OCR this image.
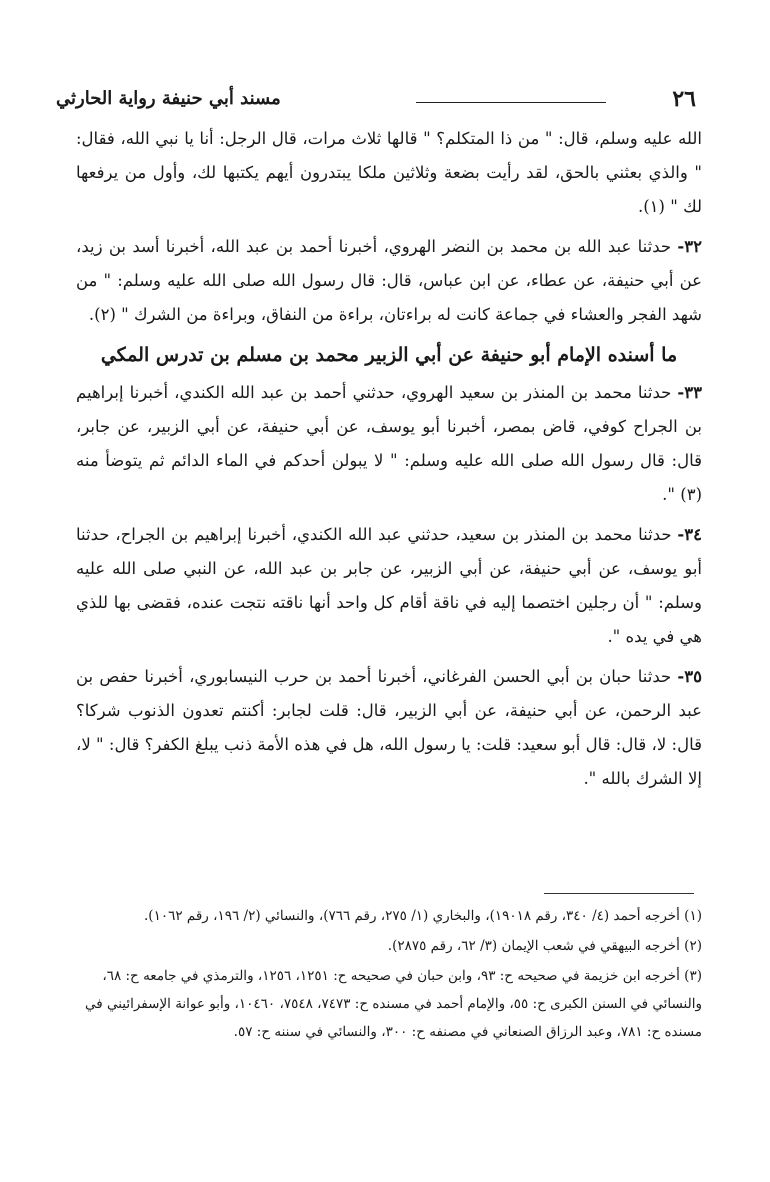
٢٦
مسند أبي حنيفة رواية الحارثي

الله عليه وسلم، قال: " من ذا المتكلم؟ " قالها ثلاث مرات، قال الرجل: أنا يا نبي الله، فقال: " والذي بعثني بالحق، لقد رأيت بضعة وثلاثين ملكا يبتدرون أيهم يكتبها لك، وأول من يرفعها لك " (١).

٣٢- حدثنا عبد الله بن محمد بن النضر الهروي، أخبرنا أحمد بن عبد الله، أخبرنا أسد بن زيد، عن أبي حنيفة، عن عطاء، عن ابن عباس، قال: قال رسول الله صلى الله عليه وسلم: " من شهد الفجر والعشاء في جماعة كانت له براءتان، براءة من النفاق، وبراءة من الشرك " (٢).

ما أسنده الإمام أبو حنيفة عن أبي الزبير محمد بن مسلم بن تدرس المكي

٣٣- حدثنا محمد بن المنذر بن سعيد الهروي، حدثني أحمد بن عبد الله الكندي، أخبرنا إبراهيم بن الجراح كوفي، قاض بمصر، أخبرنا أبو يوسف، عن أبي حنيفة، عن أبي الزبير، عن جابر، قال: قال رسول الله صلى الله عليه وسلم: " لا يبولن أحدكم في الماء الدائم ثم يتوضأ منه (٣) ".

٣٤- حدثنا محمد بن المنذر بن سعيد، حدثني عبد الله الكندي، أخبرنا إبراهيم بن الجراح، حدثنا أبو يوسف، عن أبي حنيفة، عن أبي الزبير، عن جابر بن عبد الله، عن النبي صلى الله عليه وسلم: " أن رجلين اختصما إليه في ناقة أقام كل واحد أنها ناقته نتجت عنده، فقضى بها للذي هي في يده ".

٣٥- حدثنا حبان بن أبي الحسن الفرغاني، أخبرنا أحمد بن حرب النيسابوري، أخبرنا حفص بن عبد الرحمن، عن أبي حنيفة، عن أبي الزبير، قال: قلت لجابر: أكنتم تعدون الذنوب شركا؟ قال: لا، قال: قال أبو سعيد: قلت: يا رسول الله، هل في هذه الأمة ذنب يبلغ الكفر؟ قال: " لا، إلا الشرك بالله ".

(١) أخرجه أحمد (٤/ ٣٤٠، رقم ١٩٠١٨)، والبخاري (١/ ٢٧٥، رقم ٧٦٦)، والنسائي (٢/ ١٩٦، رقم ١٠٦٢).

(٢) أخرجه البيهقي في شعب الإيمان (٣/ ٦٢، رقم ٢٨٧٥).

(٣) أخرجه ابن خزيمة في صحيحه ح: ٩٣، وابن حبان في صحيحه ح: ١٢٥١، ١٢٥٦، والترمذي في جامعه ح: ٦٨، والنسائي في السنن الكبرى ح: ٥٥، والإمام أحمد في مسنده ح: ٧٤٧٣، ٧٥٤٨، ١٠٤٦٠، وأبو عوانة الإسفرائيني في مسنده ح: ٧٨١، وعبد الرزاق الصنعاني في مصنفه ح: ٣٠٠، والنسائي في سننه ح: ٥٧.
